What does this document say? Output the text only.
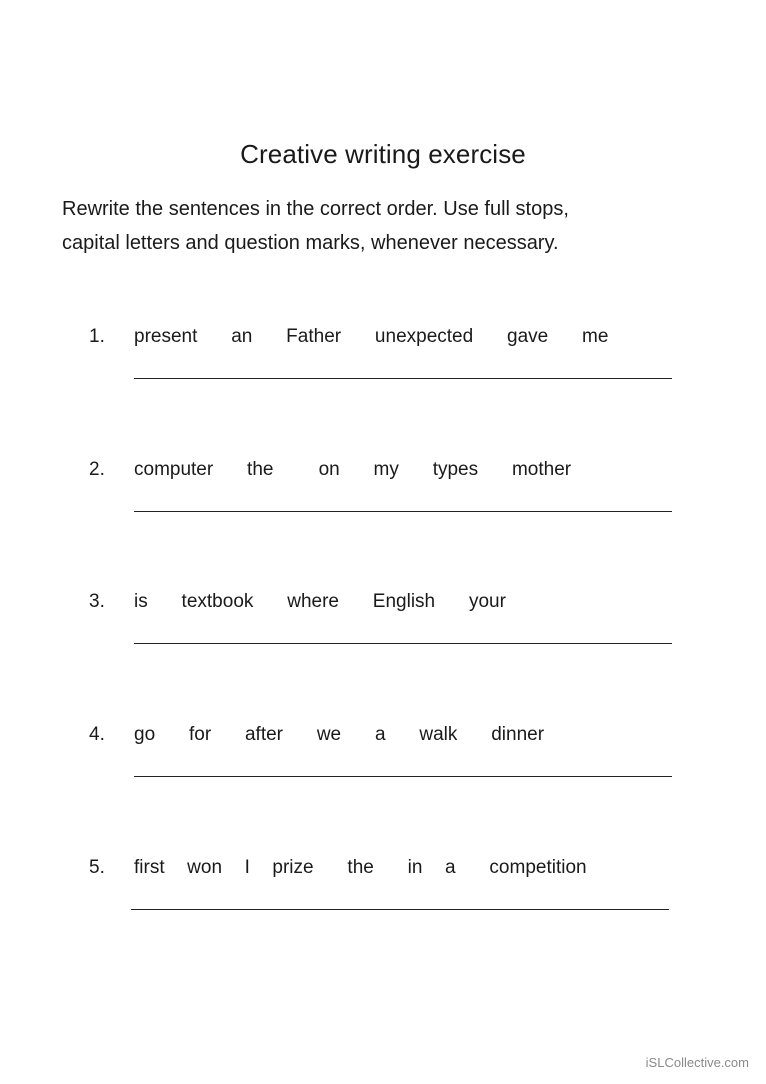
Creative writing exercise
Rewrite the sentences in the correct order. Use full stops,
capital letters and question marks, whenever necessary.
1. present   an   Father   unexpected   gave   me
2. computer   the    on   my   types   mother
3. is   textbook   where   English   your
4. go   for   after   we   a   walk   dinner
5. first  won  I  prize   the   in  a   competition
iSLCollective.com
